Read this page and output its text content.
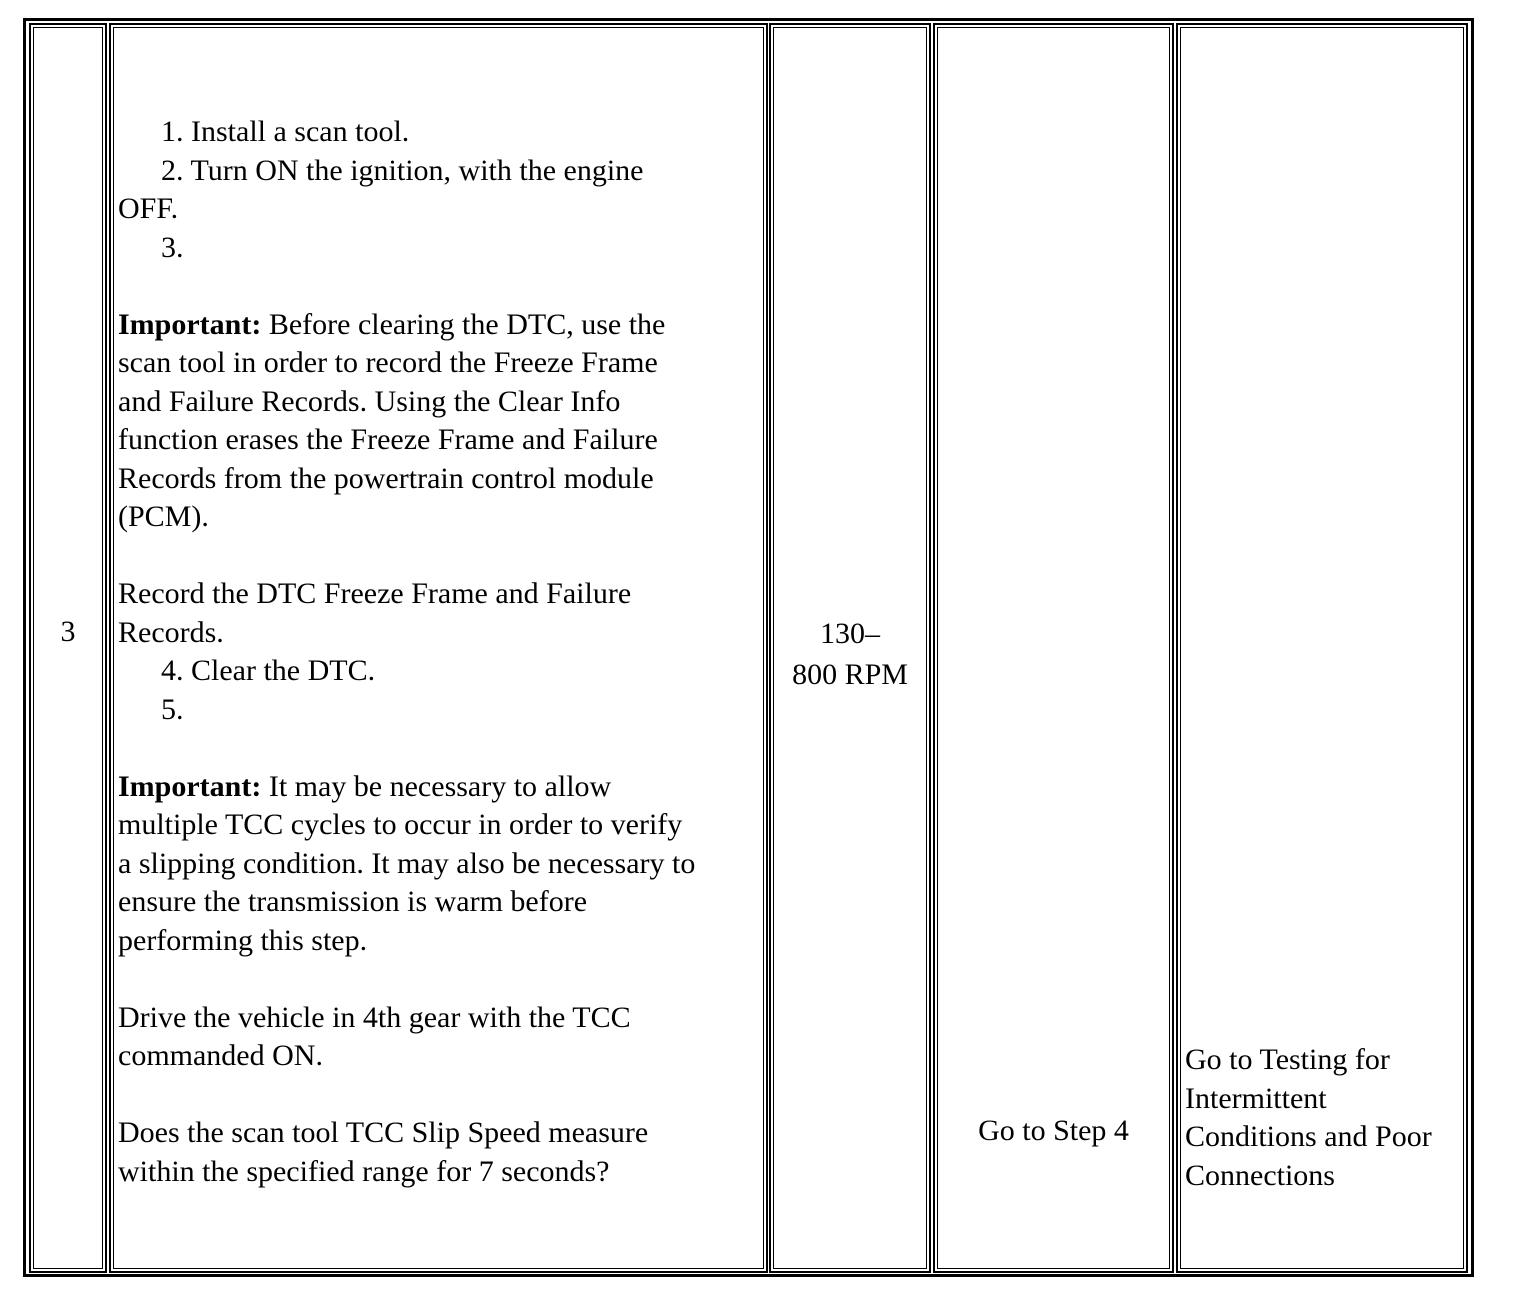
3
1. Install a scan tool.
2. Turn ON the ignition, with the engine
OFF.
3.

Important: Before clearing the DTC, use the
scan tool in order to record the Freeze Frame
and Failure Records. Using the Clear Info
function erases the Freeze Frame and Failure
Records from the powertrain control module
(PCM).

Record the DTC Freeze Frame and Failure
Records.
4. Clear the DTC.
5.

Important: It may be necessary to allow
multiple TCC cycles to occur in order to verify
a slipping condition. It may also be necessary to
ensure the transmission is warm before
performing this step.

Drive the vehicle in 4th gear with the TCC
commanded ON.

Does the scan tool TCC Slip Speed measure
within the specified range for 7 seconds?
130–
800 RPM
Go to Step 4
Go to Testing for
Intermittent
Conditions and Poor
Connections
